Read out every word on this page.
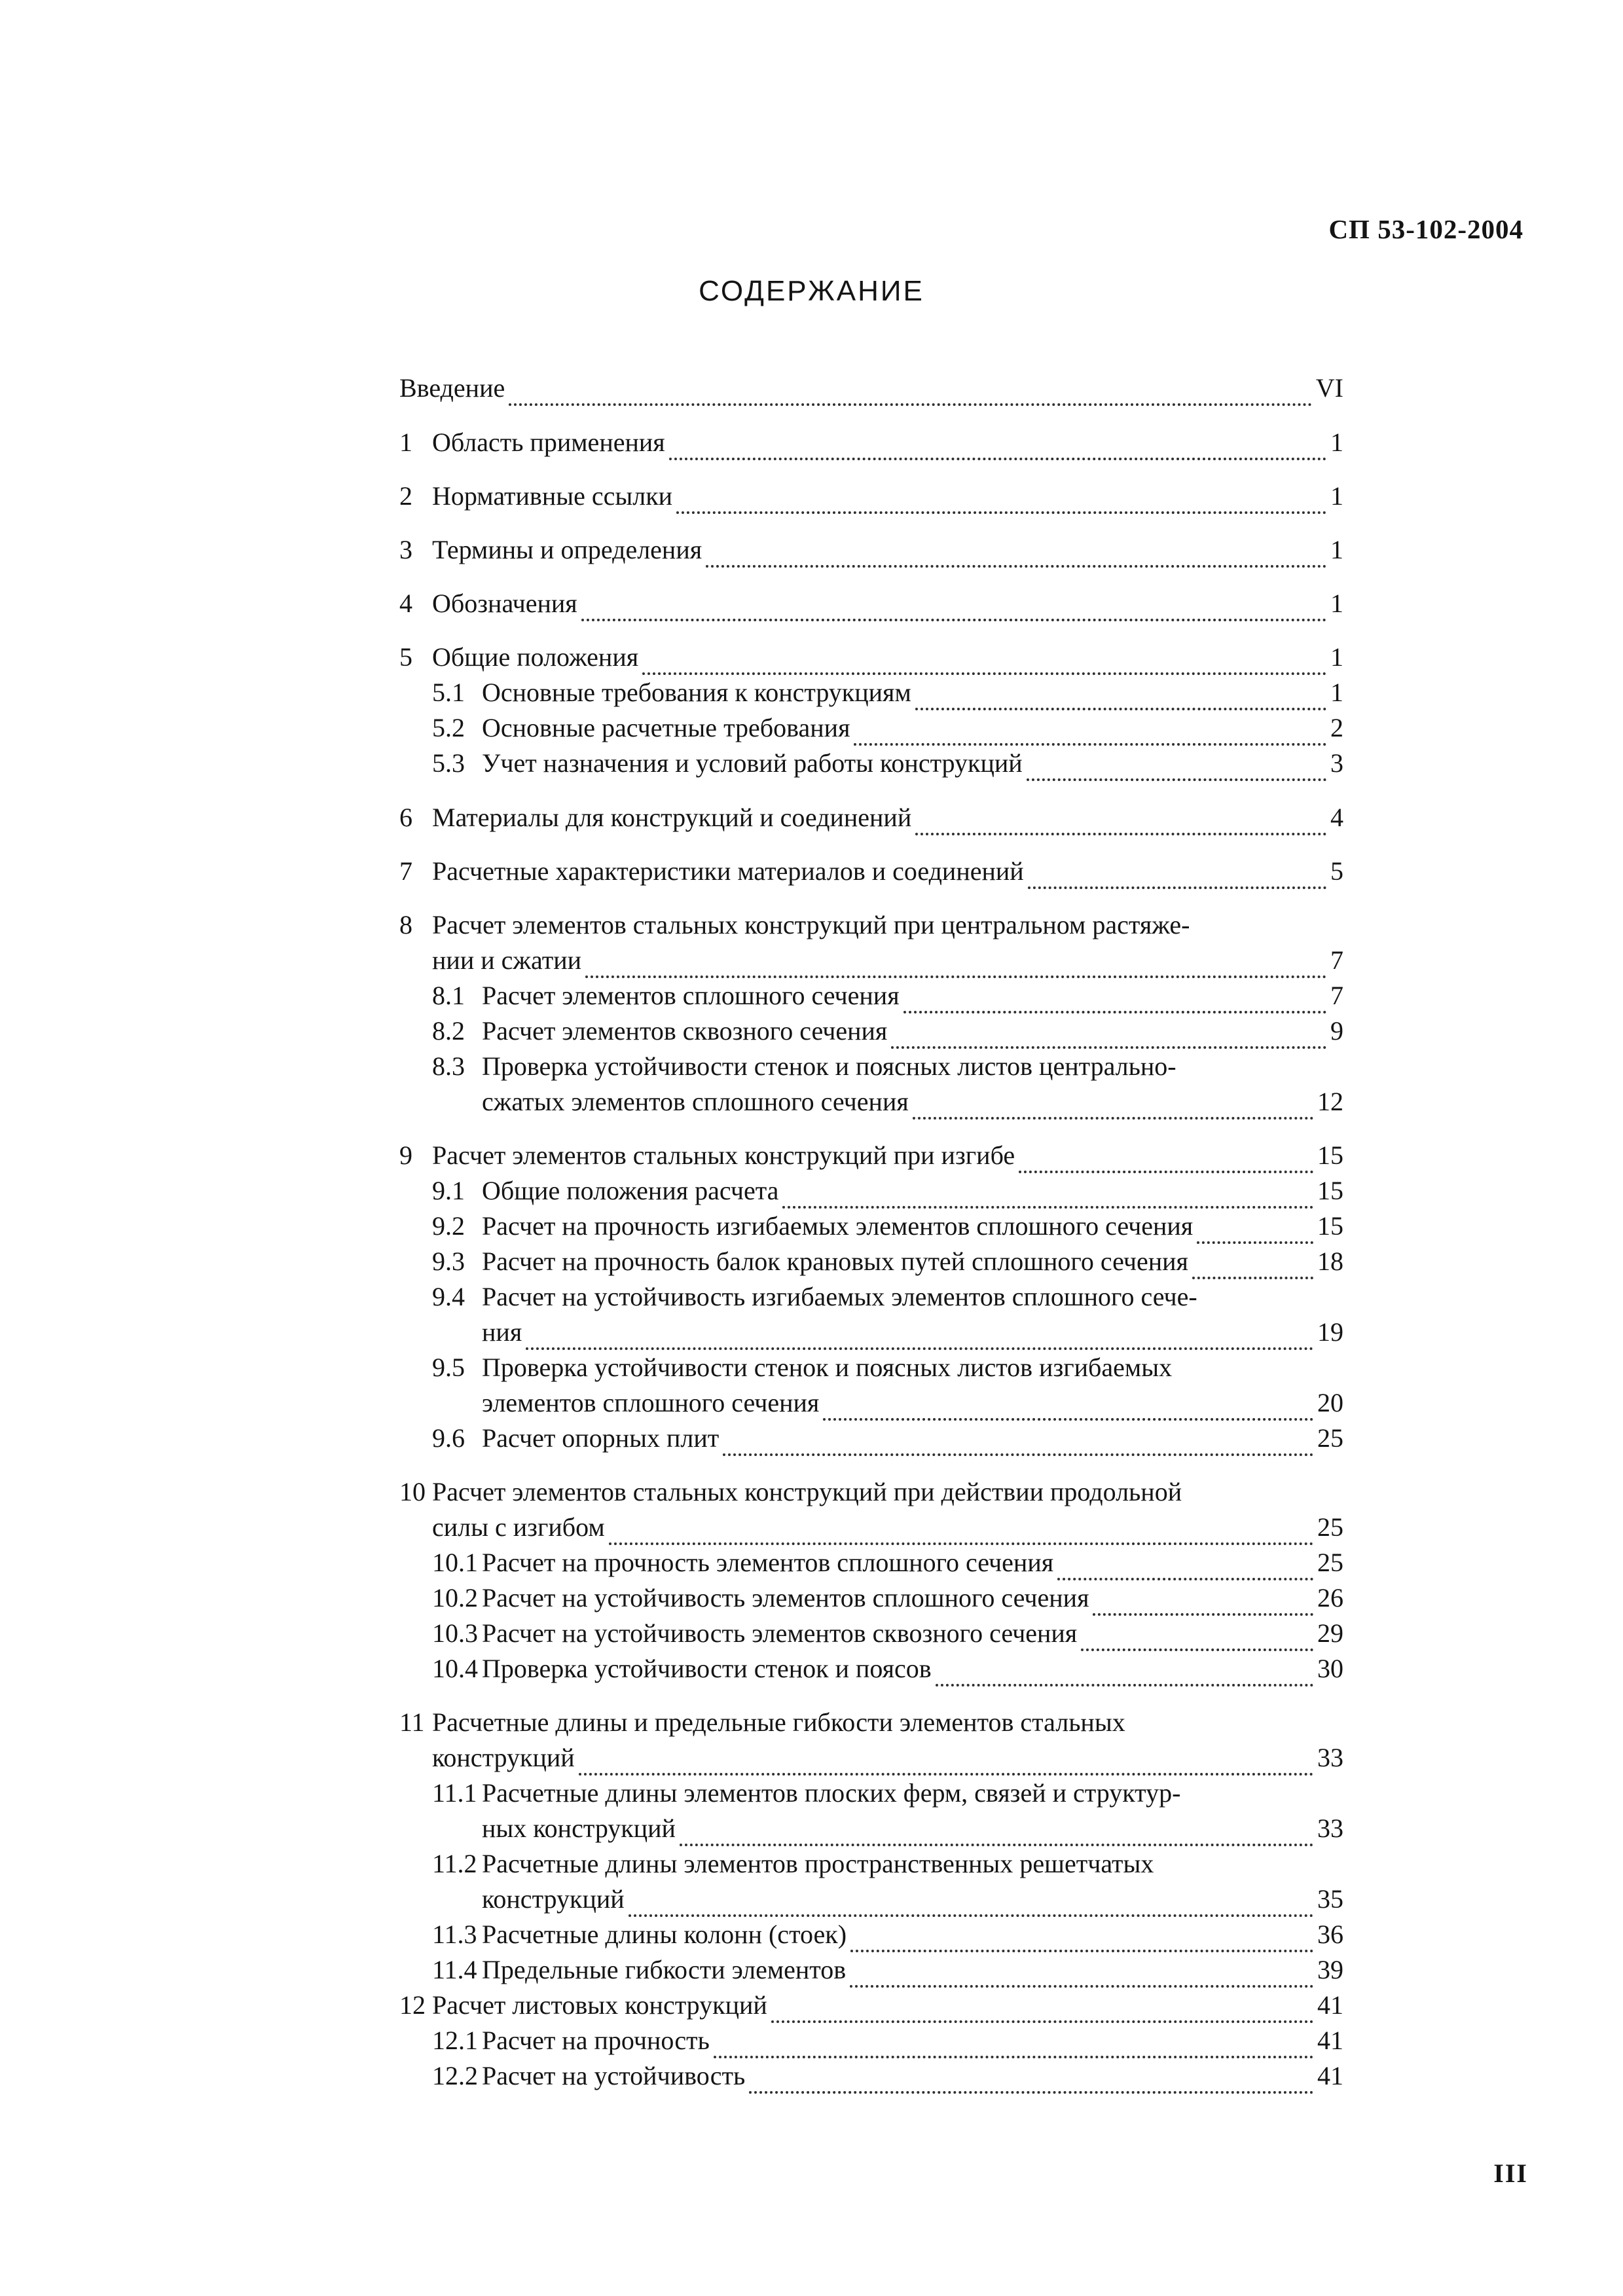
СП 53-102-2004
СОДЕРЖАНИЕ
Введение	VI
1 Область применения	1
2 Нормативные ссылки	1
3 Термины и определения	1
4 Обозначения	1
5 Общие положения	1
5.1 Основные требования к конструкциям	1
5.2 Основные расчетные требования	2
5.3 Учет назначения и условий работы конструкций	3
6 Материалы для конструкций и соединений	4
7 Расчетные характеристики материалов и соединений	5
8 Расчет элементов стальных конструкций при центральном растяже-
нии и сжатии	7
8.1 Расчет элементов сплошного сечения	7
8.2 Расчет элементов сквозного сечения	9
8.3 Проверка устойчивости стенок и поясных листов центрально-
сжатых элементов сплошного сечения	12
9 Расчет элементов стальных конструкций при изгибе	15
9.1 Общие положения расчета	15
9.2 Расчет на прочность изгибаемых элементов сплошного сечения	15
9.3 Расчет на прочность балок крановых путей сплошного сечения	18
9.4 Расчет на устойчивость изгибаемых элементов сплошного сече-
ния	19
9.5 Проверка устойчивости стенок и поясных листов изгибаемых
элементов сплошного сечения	20
9.6 Расчет опорных плит	25
10 Расчет элементов стальных конструкций при действии продольной
силы с изгибом	25
10.1 Расчет на прочность элементов сплошного сечения	25
10.2 Расчет на устойчивость элементов сплошного сечения	26
10.3 Расчет на устойчивость элементов сквозного сечения	29
10.4 Проверка устойчивости стенок и поясов	30
11 Расчетные длины и предельные гибкости элементов стальных
конструкций	33
11.1 Расчетные длины элементов плоских ферм, связей и структур-
ных конструкций	33
11.2 Расчетные длины элементов пространственных решетчатых
конструкций	35
11.3 Расчетные длины колонн (стоек)	36
11.4 Предельные гибкости элементов	39
12 Расчет листовых конструкций	41
12.1 Расчет на прочность	41
12.2 Расчет на устойчивость	41
III
